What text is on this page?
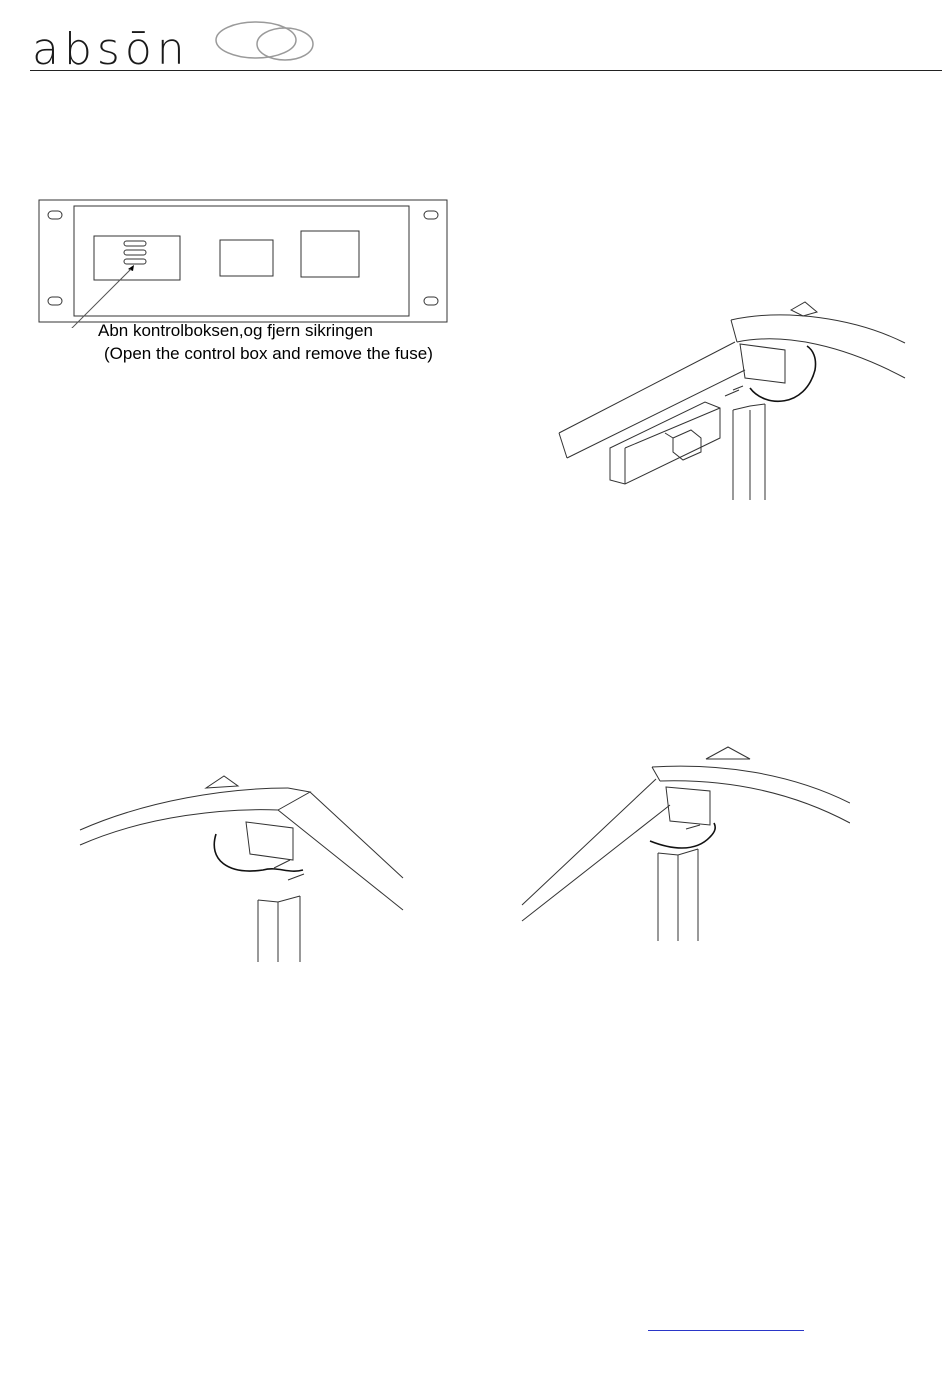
absōn
Abn kontrolboksen,og fjern sikringen
(Open the control box and remove the fuse)
